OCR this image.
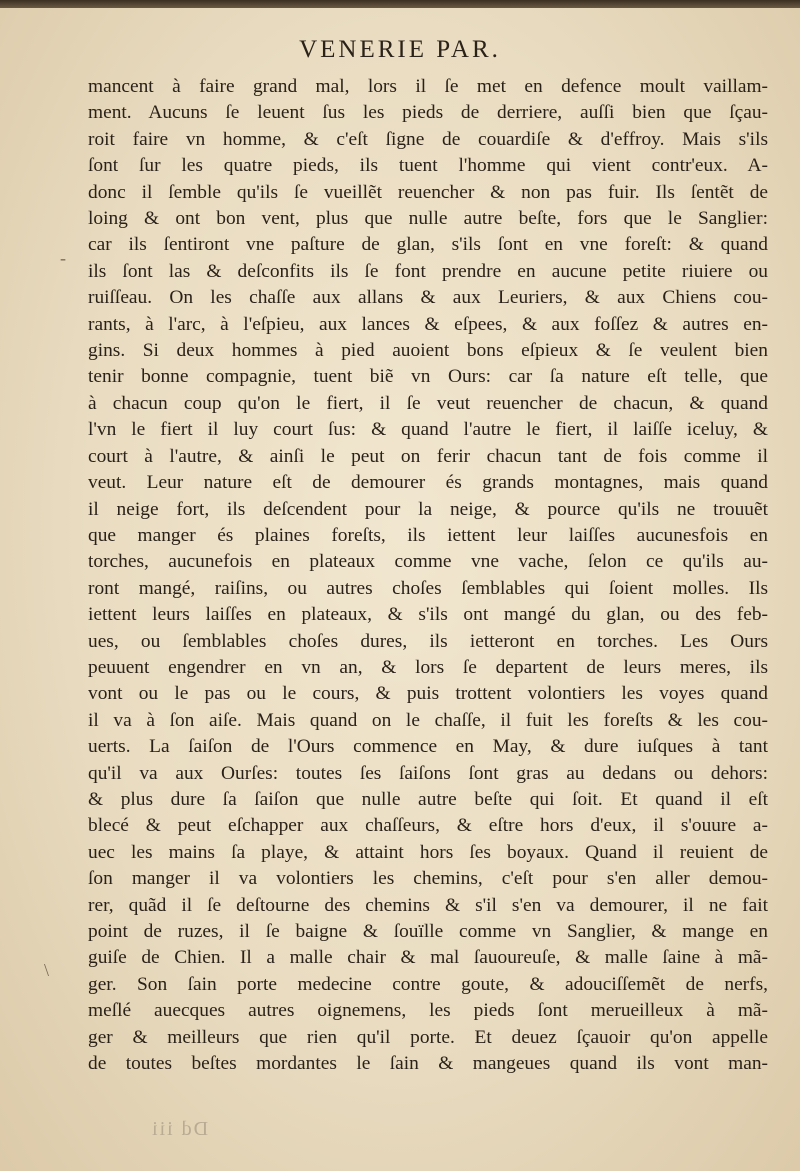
VENERIE PAR.
-
\
mancent à faire grand mal, lors il ſe met en defence moult vaillam-
ment. Aucuns ſe leuent ſus les pieds de derriere, auſſi bien que ſçau-
roit faire vn homme, & c'eſt ſigne de couardiſe & d'effroy. Mais s'ils
ſont ſur les quatre pieds, ils tuent l'homme qui vient contr'eux. A-
donc il ſemble qu'ils ſe vueillẽt reuencher & non pas fuir. Ils ſentẽt de
loing & ont bon vent, plus que nulle autre beſte, fors que le Sanglier:
car ils ſentiront vne paſture de glan, s'ils ſont en vne foreſt: & quand
ils ſont las & deſconfits ils ſe font prendre en aucune petite riuiere ou
ruiſſeau. On les chaſſe aux allans & aux Leuriers, & aux Chiens cou-
rants, à l'arc, à l'eſpieu, aux lances & eſpees, & aux foſſez & autres en-
gins. Si deux hommes à pied auoient bons eſpieux & ſe veulent bien
tenir bonne compagnie, tuent biẽ vn Ours: car ſa nature eſt telle, que
à chacun coup qu'on le fiert, il ſe veut reuencher de chacun, & quand
l'vn le fiert il luy court ſus: & quand l'autre le fiert, il laiſſe iceluy, &
court à l'autre, & ainſi le peut on ferir chacun tant de fois comme il
veut. Leur nature eſt de demourer és grands montagnes, mais quand
il neige fort, ils deſcendent pour la neige, & pource qu'ils ne trouuẽt
que manger és plaines foreſts, ils iettent leur laiſſes aucunesfois en
torches, aucunefois en plateaux comme vne vache, ſelon ce qu'ils au-
ront mangé, raiſins, ou autres choſes ſemblables qui ſoient molles. Ils
iettent leurs laiſſes en plateaux, & s'ils ont mangé du glan, ou des feb-
ues, ou ſemblables choſes dures, ils ietteront en torches. Les Ours
peuuent engendrer en vn an, & lors ſe departent de leurs meres, ils
vont ou le pas ou le cours, & puis trottent volontiers les voyes quand
il va à ſon aiſe. Mais quand on le chaſſe, il fuit les foreſts & les cou-
uerts. La ſaiſon de l'Ours commence en May, & dure iuſques à tant
qu'il va aux Ourſes: toutes ſes ſaiſons ſont gras au dedans ou dehors:
& plus dure ſa ſaiſon que nulle autre beſte qui ſoit. Et quand il eſt
blecé & peut eſchapper aux chaſſeurs, & eſtre hors d'eux, il s'ouure a-
uec les mains ſa playe, & attaint hors ſes boyaux. Quand il reuient de
ſon manger il va volontiers les chemins, c'eſt pour s'en aller demou-
rer, quãd il ſe deſtourne des chemins & s'il s'en va demourer, il ne fait
point de ruzes, il ſe baigne & ſouïlle comme vn Sanglier, & mange en
guiſe de Chien. Il a malle chair & mal ſauoureuſe, & malle ſaine à mã-
ger. Son ſain porte medecine contre goute, & adouciſſemẽt de nerfs,
meſlé auecques autres oignemens, les pieds ſont merueilleux à mã-
ger & meilleurs que rien qu'il porte. Et deuez ſçauoir qu'on appelle
de toutes beſtes mordantes le ſain & mangeues quand ils vont man-
Dd iii
